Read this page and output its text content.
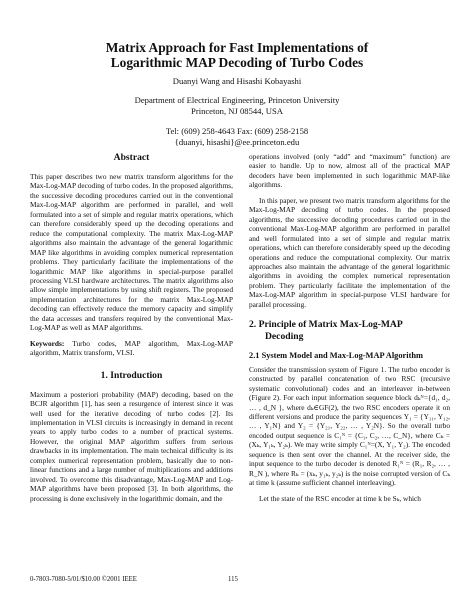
Matrix Approach for Fast Implementations of
Logarithmic MAP Decoding of Turbo Codes
Duanyi Wang and Hisashi Kobayashi
Department of Electrical Engineering, Princeton University
Princeton, NJ 08544, USA
Tel: (609) 258-4643 Fax: (609) 258-2158
{duanyi, hisashi}@ee.princeton.edu
Abstract

This paper describes two new matrix transform algorithms for the Max-Log-MAP decoding of turbo codes. In the proposed algorithms, the successive decoding procedures carried out in the conventional Max-Log-MAP algorithm are performed in parallel, and well formulated into a set of simple and regular matrix operations, which can therefore considerably speed up the decoding operations and reduce the computational complexity. The matrix Max-Log-MAP algorithms also maintain the advantage of the general logarithmic MAP like algorithms in avoiding complex numerical representation problems. They particularly facilitate the implementations of the logarithmic MAP like algorithms in special-purpose parallel processing VLSI hardware architectures. The matrix algorithms also allow simple implementations by using shift registers. The proposed implementation architectures for the matrix Max-Log-MAP decoding can effectively reduce the memory capacity and simplify the data accesses and transfers required by the conventional Max-Log-MAP as well as MAP algorithms.

Keywords: Turbo codes, MAP algorithm, Max-Log-MAP algorithm, Matrix transform, VLSI.

1. Introduction

Maximum a posteriori probability (MAP) decoding, based on the BCJR algorithm [1], has seen a resurgence of interest since it was well used for the iterative decoding of turbo codes [2]. Its implementation in VLSI circuits is increasingly in demand in recent years to apply turbo codes to a number of practical systems. However, the original MAP algorithm suffers from serious drawbacks in its implementation. The main technical difficulty is its complex numerical representation problem, basically due to non-linear functions and a large number of multiplications and additions involved. To overcome this disadvantage, Max-Log-MAP and Log-MAP algorithms have been proposed [3]. In both algorithms, the processing is done exclusively in the logarithmic domain, and the

operations involved (only “add” and “maximum” function) are easier to handle. Up to now, almost all of the practical MAP decoders have been implemented in such logarithmic MAP-like algorithms.

In this paper, we present two matrix transform algorithms for the Max-Log-MAP decoding of turbo codes. In the proposed algorithms, the successive decoding procedures carried out in the conventional Max-Log-MAP algorithm are performed in parallel and well formulated into a set of simple and regular matrix operations, which can therefore considerably speed up the decoding operations and reduce the computational complexity. Our matrix approaches also maintain the advantage of the general logarithmic algorithms in avoiding the complex numerical representation problem. They particularly facilitate the implementation of the Max-Log-MAP algorithm in special-purpose VLSI hardware for parallel processing.

2. Principle of Matrix Max-Log-MAP
Decoding
2.1 System Model and Max-Log-MAP Algorithm

Consider the transmission system of Figure 1. The turbo encoder is constructed by parallel concatenation of two RSC (recursive systematic convolutional) codes and an interleaver in-between (Figure 2). For each input information sequence block dₖᴺ={d₁, d₂, … , d_N }, where dₖ∈GF(2), the two RSC encoders operate it on different versions and produce the parity sequences Y₁ = {Y₁₁, Y₁₂, … , Y₁N} and Y₂ = {Y₂₁, Y₂₂, … , Y₂N}. So the overall turbo encoded output sequence is C₁ᴺ = {C₁, C₂, …, C_N}, where Cₖ = (Xₖ, Y₁ₖ, Y₂ₖ). We may write simply C₁ᴺ=(X, Y₁, Y₂). The encoded sequence is then sent over the channel. At the receiver side, the input sequence to the turbo decoder is denoted R₁ᴺ = (R₁, R₂, … , R_N ), where Rₖ = (xₖ, y₁ₖ, y₂ₖ) is the noise corrupted version of Cₖ at time k (assume sufficient channel interleaving).

Let the state of the RSC encoder at time k be Sₖ, which

0-7803-7080-5/01/$10.00 ©2001 IEEE	115
